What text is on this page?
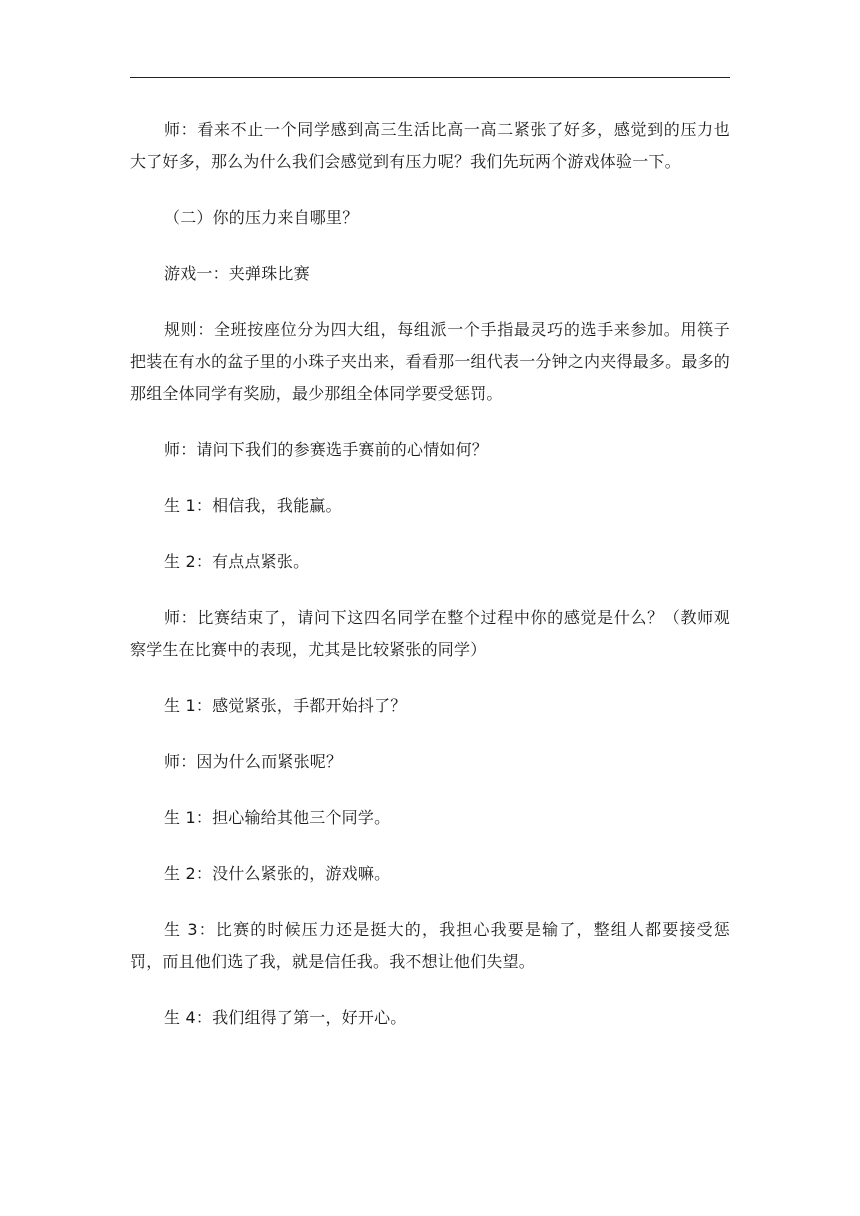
师：看来不止一个同学感到高三生活比高一高二紧张了好多，感觉到的压力也大了好多，那么为什么我们会感觉到有压力呢？我们先玩两个游戏体验一下。

（二）你的压力来自哪里？

游戏一：夹弹珠比赛

规则：全班按座位分为四大组，每组派一个手指最灵巧的选手来参加。用筷子把装在有水的盆子里的小珠子夹出来，看看那一组代表一分钟之内夹得最多。最多的那组全体同学有奖励，最少那组全体同学要受惩罚。

师：请问下我们的参赛选手赛前的心情如何？

生 1：相信我，我能赢。

生 2：有点点紧张。

师：比赛结束了，请问下这四名同学在整个过程中你的感觉是什么？（教师观察学生在比赛中的表现，尤其是比较紧张的同学）

生 1：感觉紧张，手都开始抖了？

师：因为什么而紧张呢？

生 1：担心输给其他三个同学。

生 2：没什么紧张的，游戏嘛。

生 3：比赛的时候压力还是挺大的，我担心我要是输了，整组人都要接受惩罚，而且他们选了我，就是信任我。我不想让他们失望。

生 4：我们组得了第一，好开心。
